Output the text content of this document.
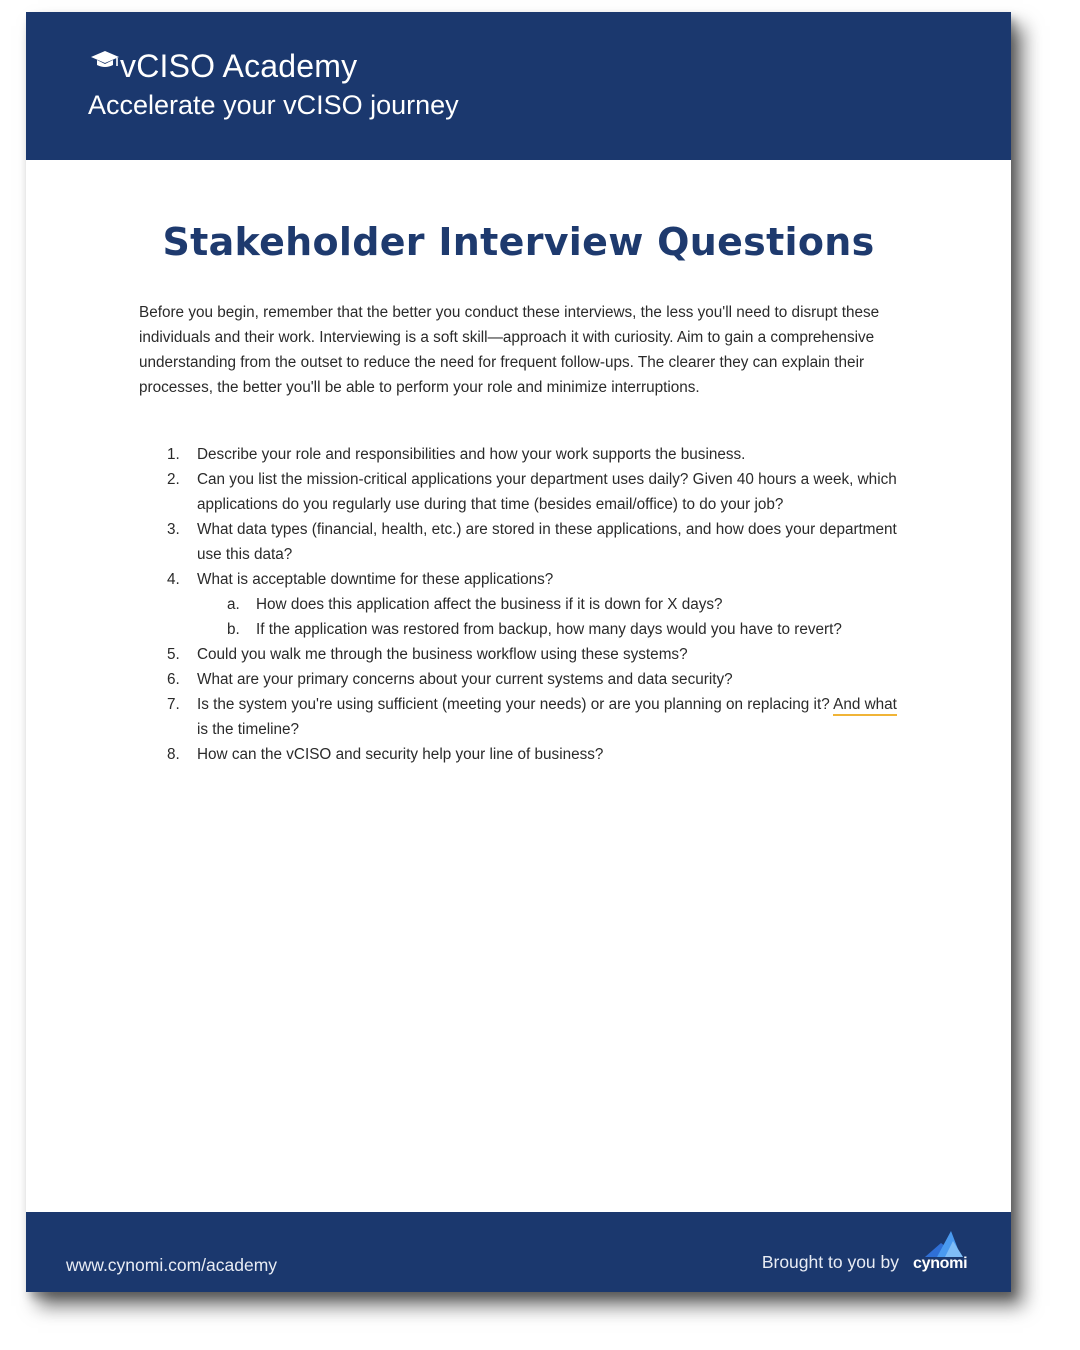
vCISO Academy
Accelerate your vCISO journey
Stakeholder Interview Questions

Before you begin, remember that the better you conduct these interviews, the less you'll need to disrupt these individuals and their work. Interviewing is a soft skill—approach it with curiosity. Aim to gain a comprehensive understanding from the outset to reduce the need for frequent follow-ups. The clearer they can explain their processes, the better you'll be able to perform your role and minimize interruptions.

1. Describe your role and responsibilities and how your work supports the business.
2. Can you list the mission-critical applications your department uses daily? Given 40 hours a week, which applications do you regularly use during that time (besides email/office) to do your job?
3. What data types (financial, health, etc.) are stored in these applications, and how does your department use this data?
4. What is acceptable downtime for these applications?
a. How does this application affect the business if it is down for X days?
b. If the application was restored from backup, how many days would you have to revert?
5. Could you walk me through the business workflow using these systems?
6. What are your primary concerns about your current systems and data security?
7. Is the system you're using sufficient (meeting your needs) or are you planning on replacing it? And what is the timeline?
8. How can the vCISO and security help your line of business?
www.cynomi.com/academy	Brought to you by cynomi
